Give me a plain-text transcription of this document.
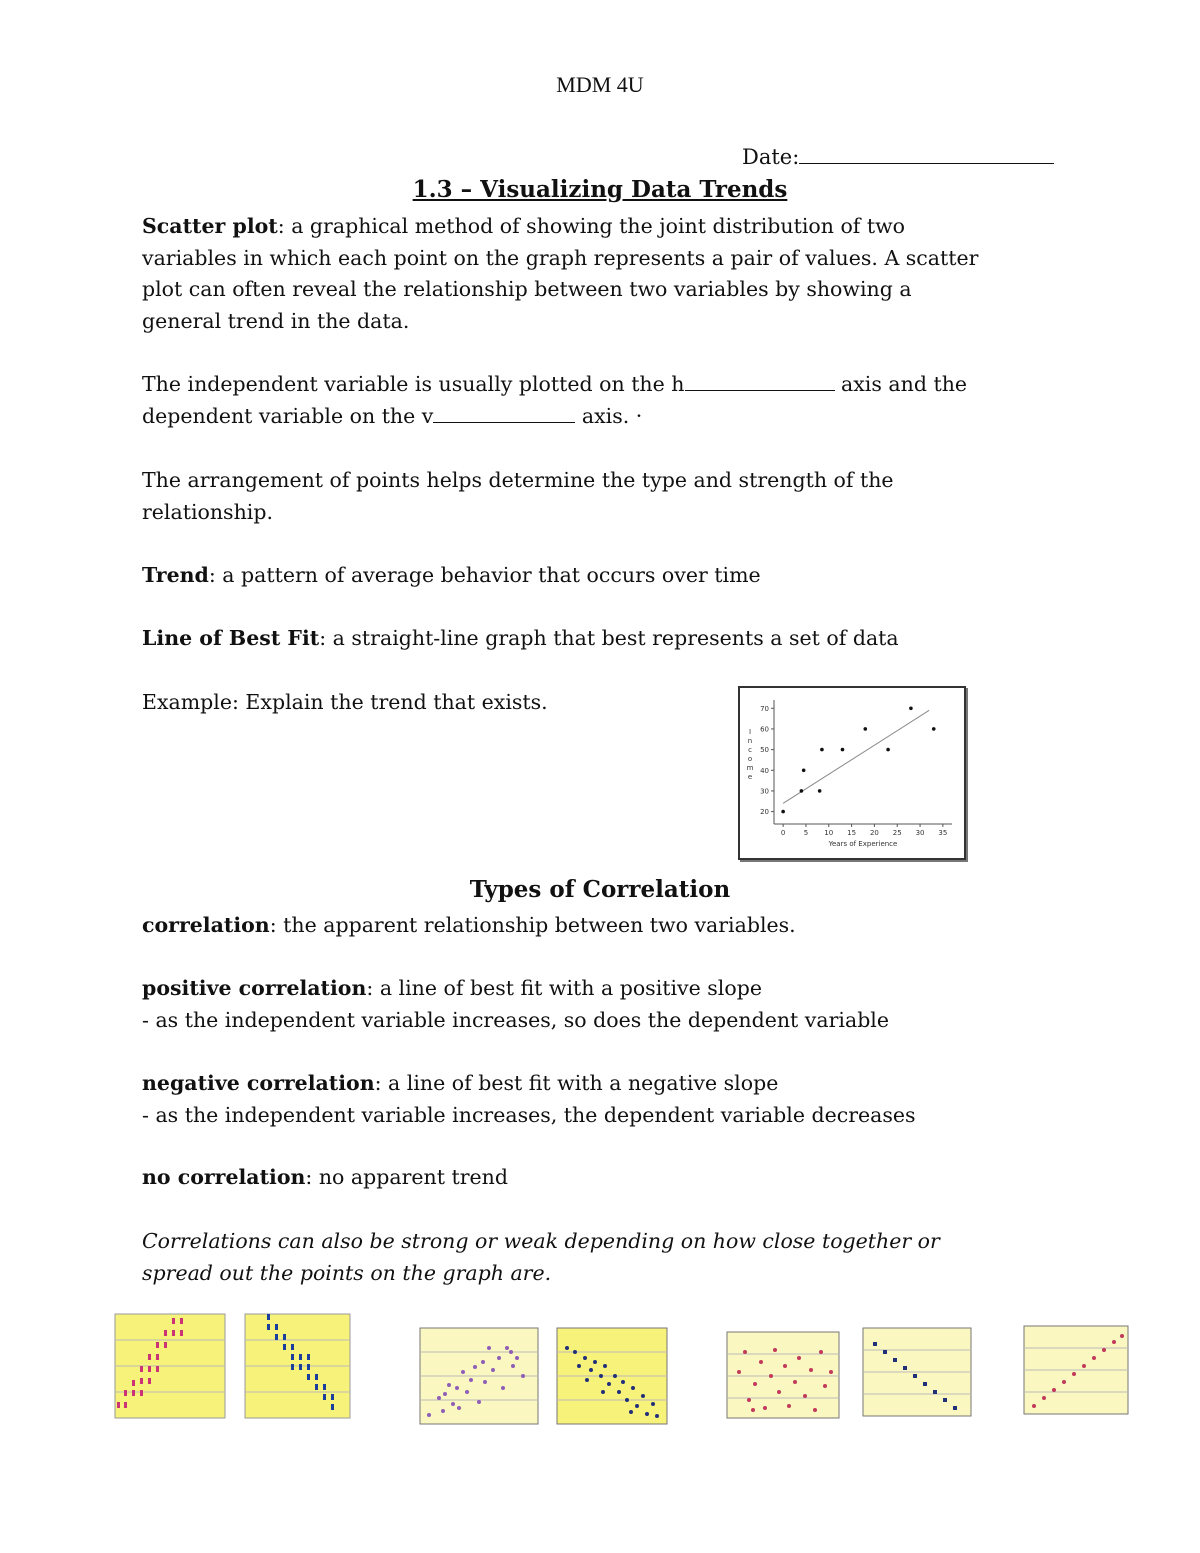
MDM 4U
Date:
1.3 – Visualizing Data Trends
Scatter plot: a graphical method of showing the joint distribution of two
variables in which each point on the graph represents a pair of values. A scatter
plot can often reveal the relationship between two variables by showing a
general trend in the data.
The independent variable is usually plotted on the h	axis and the
dependent variable on the v	axis. ·
The arrangement of points helps determine the type and strength of the
relationship.
Trend: a pattern of average behavior that occurs over time
Line of Best Fit: a straight-line graph that best represents a set of data
Example: Explain the trend that exists.
20
30
40
50
60
70
0	5 10 15 20 25 30 35
Years of Experience
I
n
c
o
m
e
Types of Correlation
correlation: the apparent relationship between two variables.
positive correlation: a line of best fit with a positive slope
- as the independent variable increases, so does the dependent variable
negative correlation: a line of best fit with a negative slope
- as the independent variable increases, the dependent variable decreases
no correlation: no apparent trend
Correlations can also be strong or weak depending on how close together or
spread out the points on the graph are.
